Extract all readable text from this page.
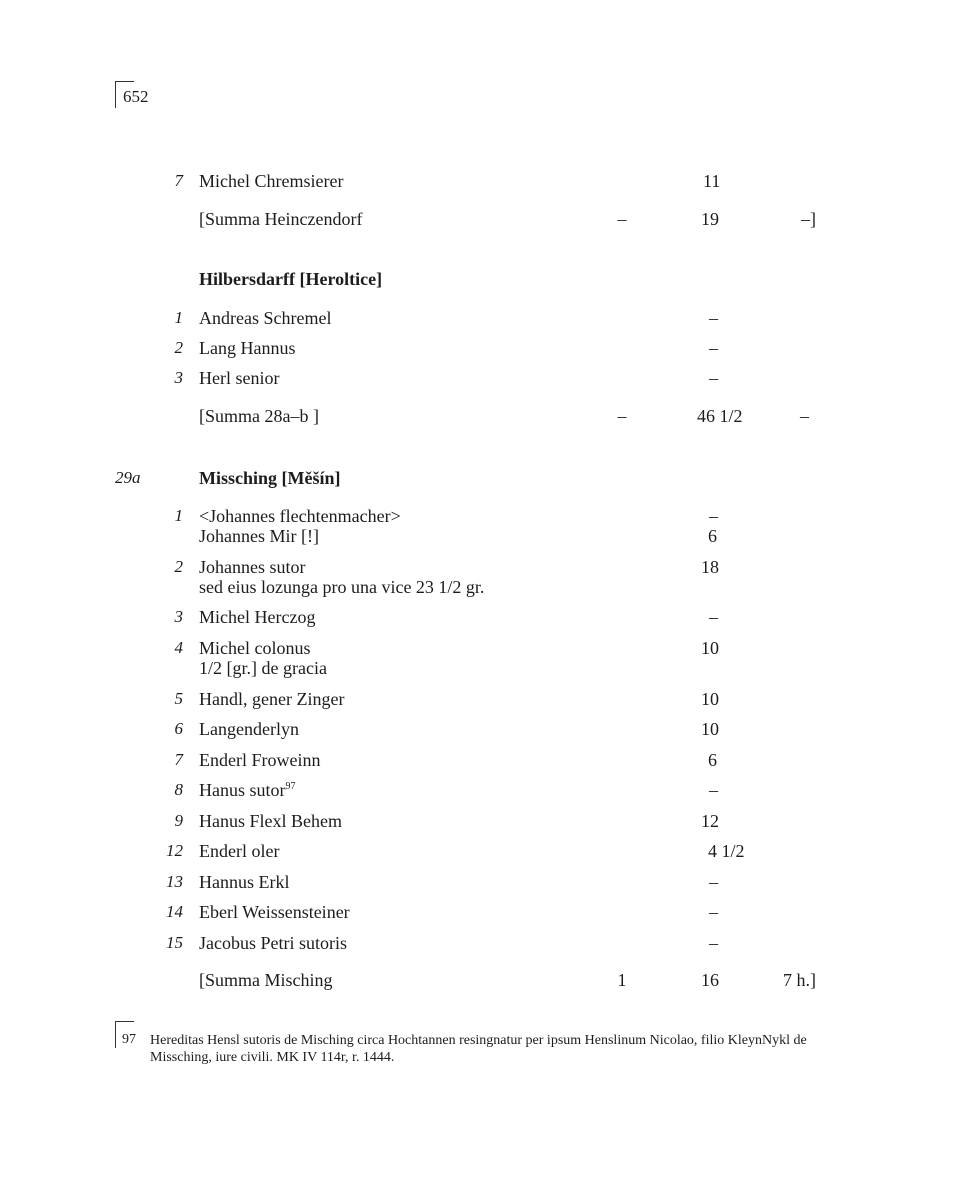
652
7 Michel Chremsierer	11
[Summa Heinczendorf	–	19	–]
Hilbersdarff [Heroltice]
1 Andreas Schremel	–
2 Lang Hannus	–
3 Herl senior	–
[Summa 28a–b ]	–	46 1/2	–
29a	Missching [Měšín]
1 <Johannes flechtenmacher>	–
Johannes Mir [!]	6
2 Johannes sutor	18
sed eius lozunga pro una vice 23 1/2 gr.
3 Michel Herczog	–
4 Michel colonus	10
1/2 [gr.] de gracia
5 Handl, gener Zinger	10
6 Langenderlyn	10
7 Enderl Froweinn	6
8 Hanus sutor$^{97}$	–
9 Hanus Flexl Behem	12
12 Enderl oler	4 1/2
13 Hannus Erkl	–
14 Eberl Weissensteiner	–
15 Jacobus Petri sutoris	–
[Summa Misching	1	16	7 h.]
97 Hereditas Hensl sutoris de Misching circa Hochtannen resingnatur per ipsum Henslinum Nicolao, filio KleynNykl de Missching, iure civili. MK IV 114r, r. 1444.
